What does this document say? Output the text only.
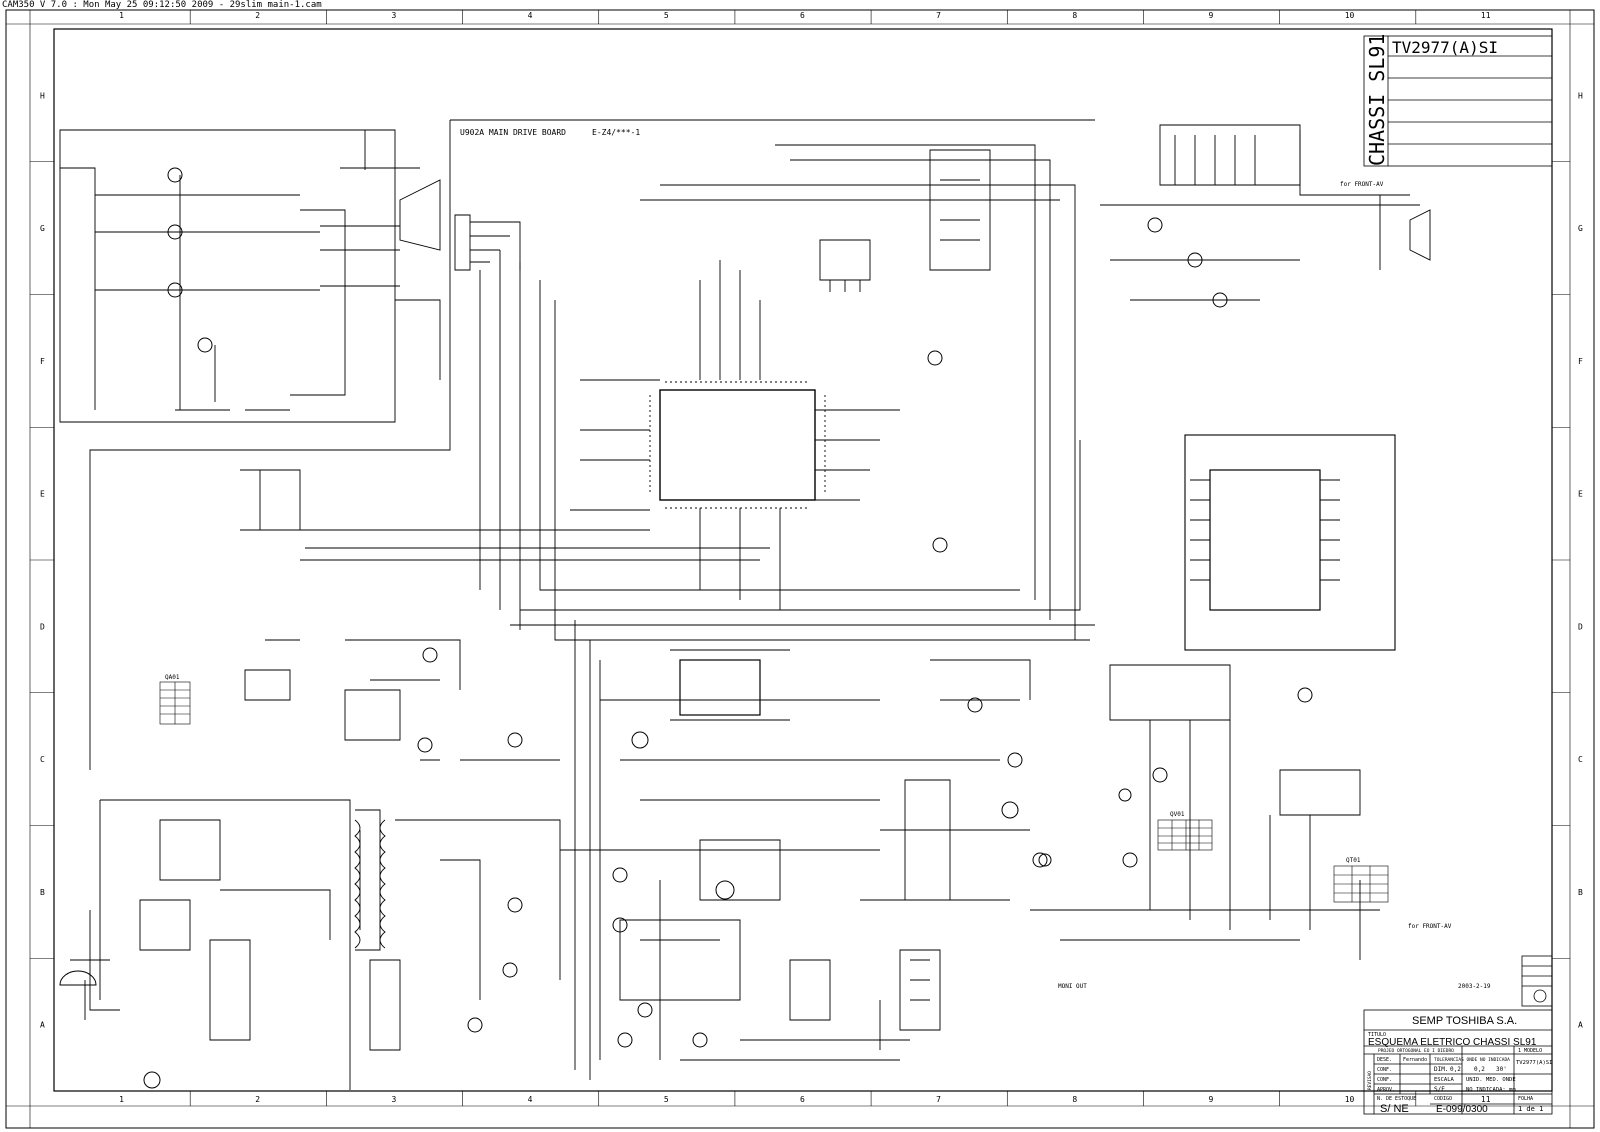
CAM350 V 7.0 : Mon May 25 09:12:50 2009 - 29slim main-1.cam
1
1
2
2
3
3
4
4
5
5
6
6
7
7
8
8
9
9
10
10
11
11
H	H
G	G
F	F
E	E
D	D
C	C
B	B
A	A
CHASSI SL91 TV2977(A)SI
U902A MAIN DRIVE BOARD	E-Z4/***-1
for FRONT-AV
for FRONT-AV
MONI OUT	2003-2-19
QA01
QV01
QT01
SEMP TOSHIBA S.A.
TITULO
ESQUEMA ELETRICO CHASSI SL91
PROJEO ORTOGONAL EO I DIEDRO	1 MODELO
TV2977(A)SI
DESE. Fernando
CONF.
CONF.
APROV.
TOLERANCIAS ONDE NO INDICADA
DIM. 0,2 0,2 30'
ESCALA
S/E
UNID. MED. ONDE
NO INDICADA: mm
N. DE ESTOQUE
S/ NE
CODIGO
E-099/0300
FOLHA
1 de 1
REVISAO
